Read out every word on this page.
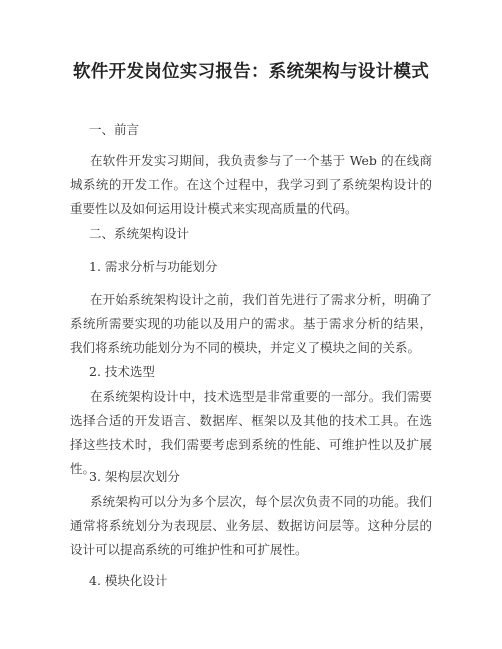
软件开发岗位实习报告：系统架构与设计模式
一、前言
在软件开发实习期间，我负责参与了一个基于 Web 的在线商城系统的开发工作。在这个过程中，我学习到了系统架构设计的重要性以及如何运用设计模式来实现高质量的代码。
二、系统架构设计
1. 需求分析与功能划分
在开始系统架构设计之前，我们首先进行了需求分析，明确了系统所需要实现的功能以及用户的需求。基于需求分析的结果，我们将系统功能划分为不同的模块，并定义了模块之间的关系。
2. 技术选型
在系统架构设计中，技术选型是非常重要的一部分。我们需要选择合适的开发语言、数据库、框架以及其他的技术工具。在选择这些技术时，我们需要考虑到系统的性能、可维护性以及扩展性。
3. 架构层次划分
系统架构可以分为多个层次，每个层次负责不同的功能。我们通常将系统划分为表现层、业务层、数据访问层等。这种分层的设计可以提高系统的可维护性和可扩展性。
4. 模块化设计
